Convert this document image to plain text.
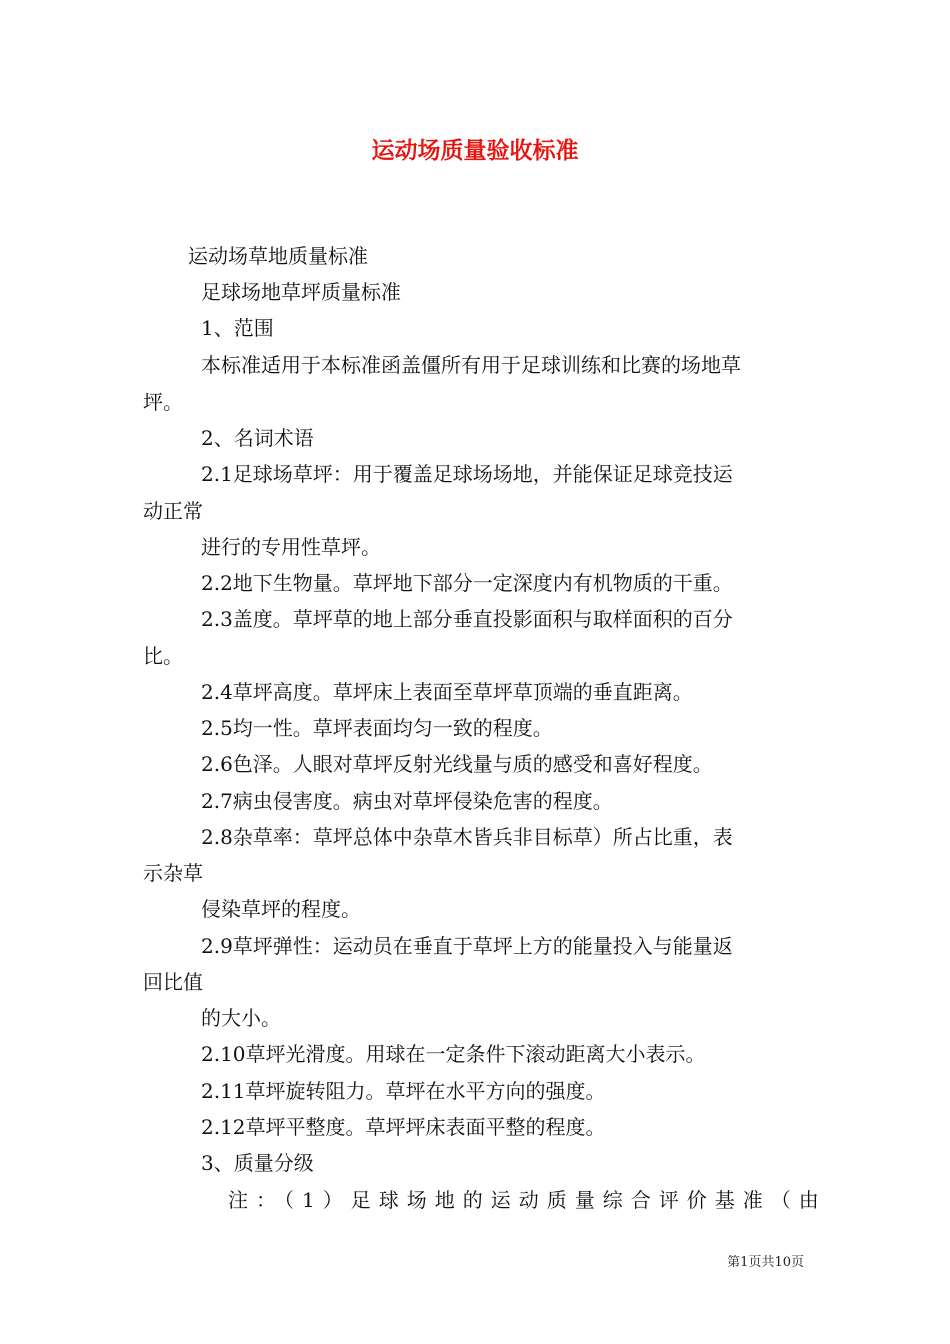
运动场质量验收标准
运动场草地质量标准
足球场地草坪质量标准
1、范围
本标准适用于本标准函盖僵所有用于足球训练和比赛的场地草
坪。
2、名词术语
2.1足球场草坪：用于覆盖足球场场地，并能保证足球竞技运
动正常
进行的专用性草坪。
2.2地下生物量。草坪地下部分一定深度内有机物质的干重。
2.3盖度。草坪草的地上部分垂直投影面积与取样面积的百分
比。
2.4草坪高度。草坪床上表面至草坪草顶端的垂直距离。
2.5均一性。草坪表面均匀一致的程度。
2.6色泽。人眼对草坪反射光线量与质的感受和喜好程度。
2.7病虫侵害度。病虫对草坪侵染危害的程度。
2.8杂草率：草坪总体中杂草木皆兵非目标草）所占比重，表
示杂草
侵染草坪的程度。
2.9草坪弹性：运动员在垂直于草坪上方的能量投入与能量返
回比值
的大小。
2.10草坪光滑度。用球在一定条件下滚动距离大小表示。
2.11草坪旋转阻力。草坪在水平方向的强度。
2.12草坪平整度。草坪坪床表面平整的程度。
3、质量分级
注：（1）足球场地的运动质量综合评价基准（由
第1页共10页
